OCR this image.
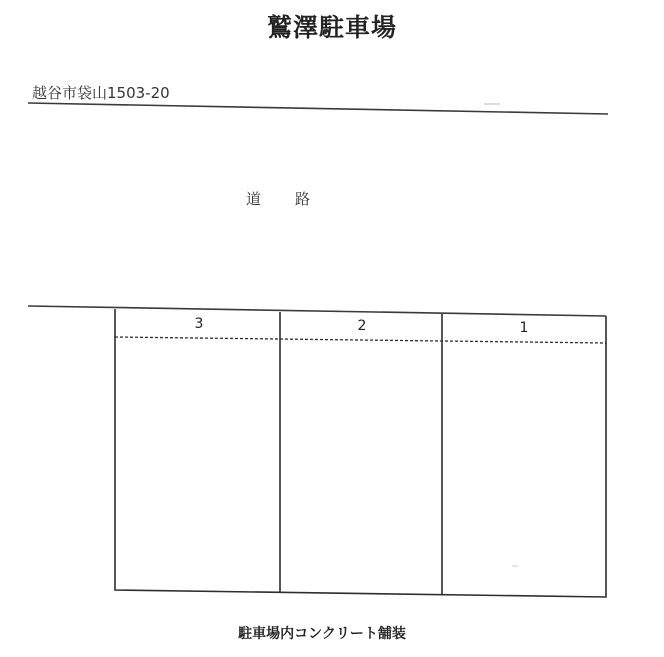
鷲澤駐車場
越谷市袋山1503-20
道 路
3	2	1
駐車場内コンクリート舗装
